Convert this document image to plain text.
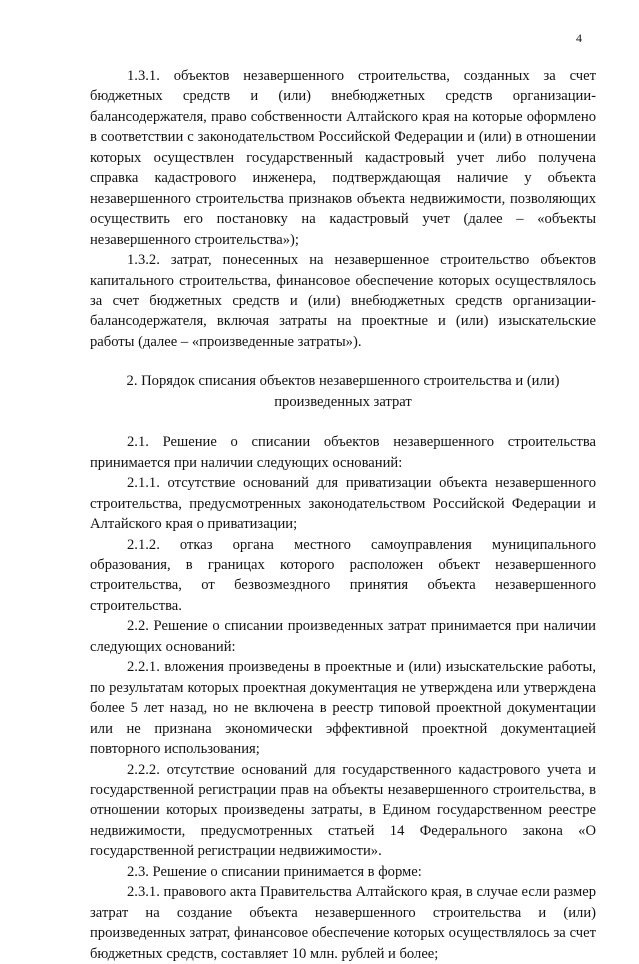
4

1.3.1. объектов незавершенного строительства, созданных за счет бюджетных средств и (или) внебюджетных средств организации-балансодержателя, право собственности Алтайского края на которые оформлено в соответствии с законодательством Российской Федерации и (или) в отношении которых осуществлен государственный кадастровый учет либо получена справка кадастрового инженера, подтверждающая наличие у объекта незавершенного строительства признаков объекта недвижимости, позволяющих осуществить его постановку на кадастровый учет (далее – «объекты незавершенного строительства»);

1.3.2. затрат, понесенных на незавершенное строительство объектов капитального строительства, финансовое обеспечение которых осуществлялось за счет бюджетных средств и (или) внебюджетных средств организации-балансодержателя, включая затраты на проектные и (или) изыскательские работы (далее – «произведенные затраты»).

2. Порядок списания объектов незавершенного строительства и (или)
произведенных затрат

2.1. Решение о списании объектов незавершенного строительства принимается при наличии следующих оснований:

2.1.1. отсутствие оснований для приватизации объекта незавершенного строительства, предусмотренных законодательством Российской Федерации и Алтайского края о приватизации;

2.1.2. отказ органа местного самоуправления муниципального образования, в границах которого расположен объект незавершенного строительства, от безвозмездного принятия объекта незавершенного строительства.

2.2. Решение о списании произведенных затрат принимается при наличии следующих оснований:

2.2.1. вложения произведены в проектные и (или) изыскательские работы, по результатам которых проектная документация не утверждена или утверждена более 5 лет назад, но не включена в реестр типовой проектной документации или не признана экономически эффективной проектной документацией повторного использования;

2.2.2. отсутствие оснований для государственного кадастрового учета и государственной регистрации прав на объекты незавершенного строительства, в отношении которых произведены затраты, в Едином государственном реестре недвижимости, предусмотренных статьей 14 Федерального закона «О государственной регистрации недвижимости».

2.3. Решение о списании принимается в форме:

2.3.1. правового акта Правительства Алтайского края, в случае если размер затрат на создание объекта незавершенного строительства и (или) произведенных затрат, финансовое обеспечение которых осуществлялось за счет бюджетных средств, составляет 10 млн. рублей и более;
